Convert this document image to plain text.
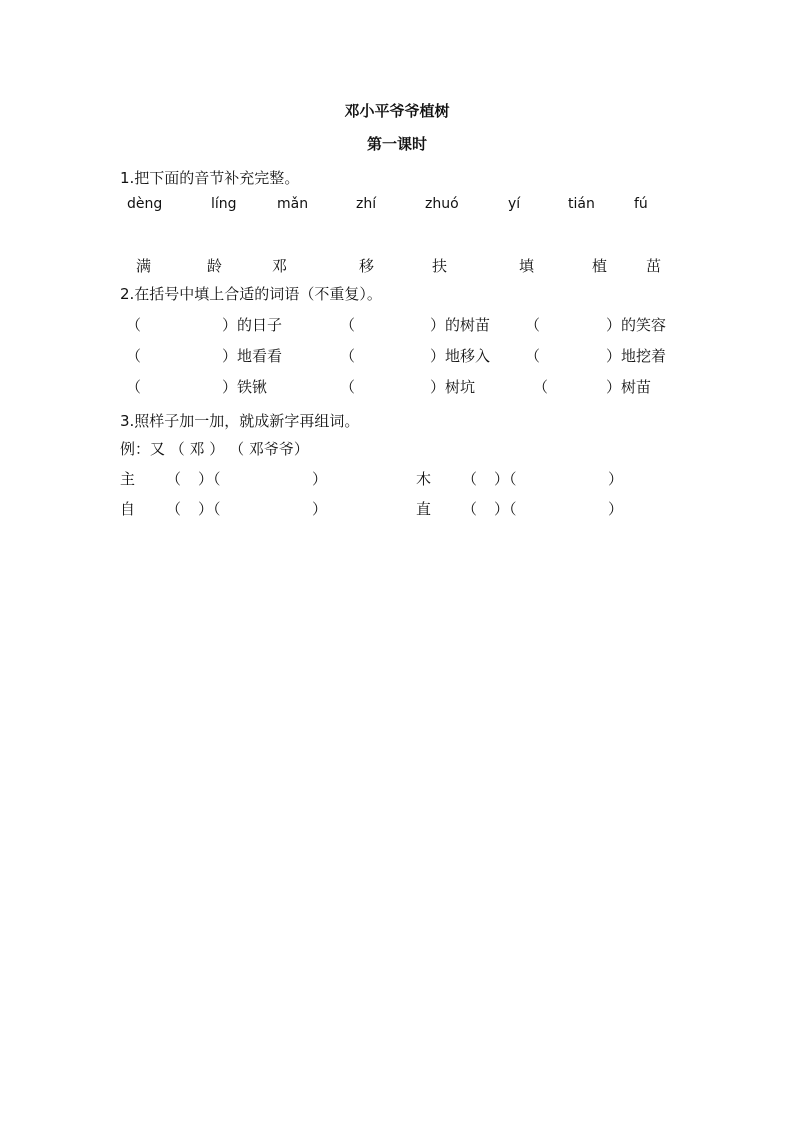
邓小平爷爷植树
第一课时
1.把下面的音节补充完整。
dèng	líng	mǎn	zhí	zhuó	yí	tián	fú
满	龄	邓	移	扶	填	植	茁
2.在括号中填上合适的词语（不重复）。
（	）的日子	（	）的树苗 （	）的笑容
（	）地看看	（	）地移入 （	）地挖着
（	）铁锹	（	）树坑	（	）树苗
3.照样子加一加，就成新字再组词。
例：又 （ 邓 ） （ 邓爷爷）
主 （ ）（	）	木 （ ）（	）
自 （ ）（	）	直 （ ）（	）
